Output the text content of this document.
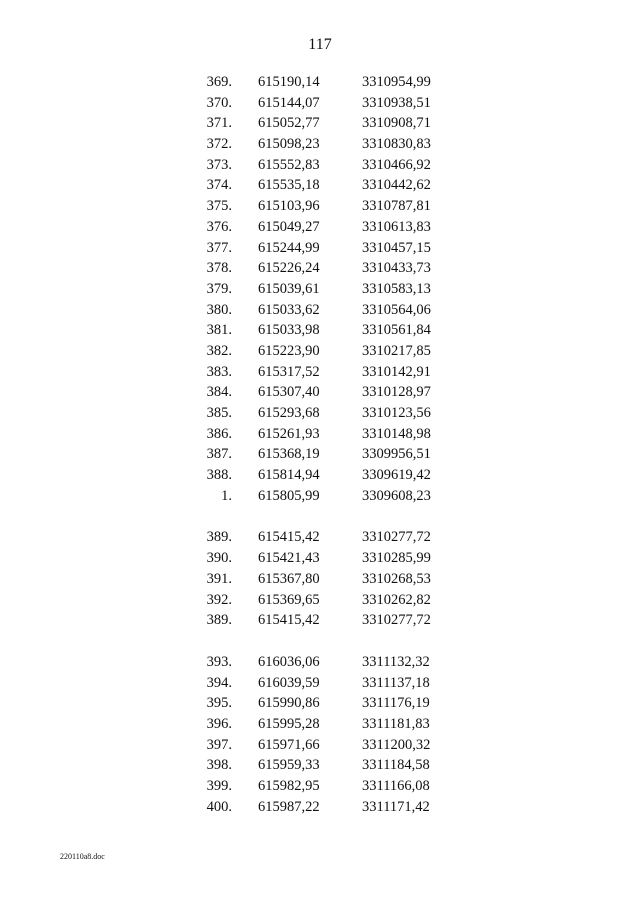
117
369. 615190,14	3310954,99
370. 615144,07	3310938,51
371. 615052,77	3310908,71
372. 615098,23	3310830,83
373. 615552,83	3310466,92
374. 615535,18	3310442,62
375. 615103,96	3310787,81
376. 615049,27	3310613,83
377. 615244,99	3310457,15
378. 615226,24	3310433,73
379. 615039,61	3310583,13
380. 615033,62	3310564,06
381. 615033,98	3310561,84
382. 615223,90	3310217,85
383. 615317,52	3310142,91
384. 615307,40	3310128,97
385. 615293,68	3310123,56
386. 615261,93	3310148,98
387. 615368,19	3309956,51
388. 615814,94	3309619,42
1. 615805,99	3309608,23
389. 615415,42	3310277,72
390. 615421,43	3310285,99
391. 615367,80	3310268,53
392. 615369,65	3310262,82
389. 615415,42	3310277,72
393. 616036,06	3311132,32
394. 616039,59	3311137,18
395. 615990,86	3311176,19
396. 615995,28	3311181,83
397. 615971,66	3311200,32
398. 615959,33	3311184,58
399. 615982,95	3311166,08
400. 615987,22	3311171,42
220110a8.doc
